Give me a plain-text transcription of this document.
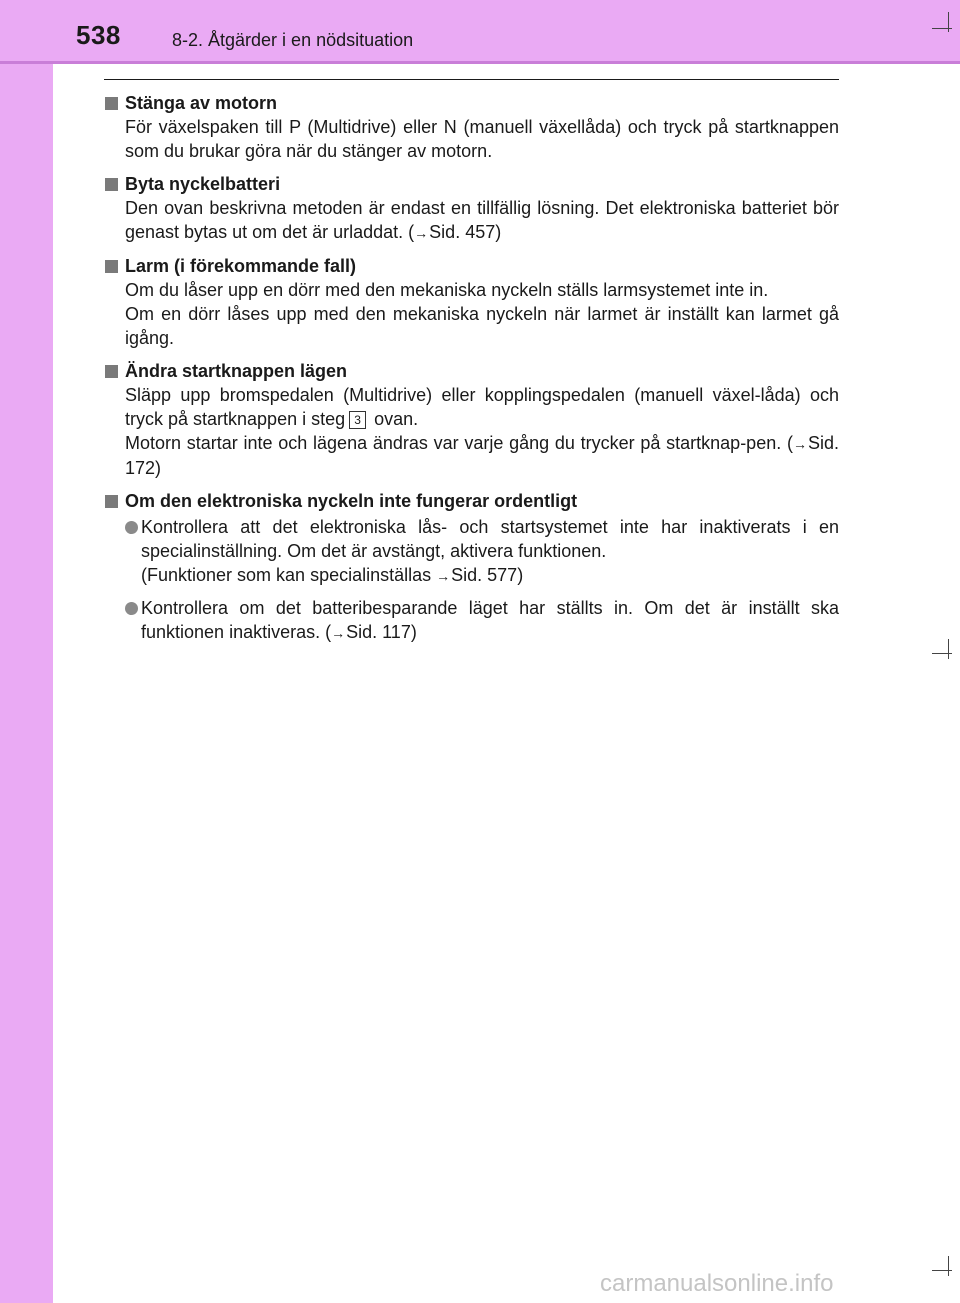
538	8-2. Åtgärder i en nödsituation
Stänga av motorn
För växelspaken till P (Multidrive) eller N (manuell växellåda) och tryck på startknappen som du brukar göra när du stänger av motorn.
Byta nyckelbatteri
Den ovan beskrivna metoden är endast en tillfällig lösning. Det elektroniska batteriet bör genast bytas ut om det är urladdat. (→Sid. 457)
Larm (i förekommande fall)
Om du låser upp en dörr med den mekaniska nyckeln ställs larmsystemet inte in.
Om en dörr låses upp med den mekaniska nyckeln när larmet är inställt kan larmet gå igång.
Ändra startknappen lägen
Släpp upp bromspedalen (Multidrive) eller kopplingspedalen (manuell växel-låda) och tryck på startknappen i steg 3 ovan.
Motorn startar inte och lägena ändras var varje gång du trycker på startknap-pen. (→Sid. 172)
Om den elektroniska nyckeln inte fungerar ordentligt
Kontrollera att det elektroniska lås- och startsystemet inte har inaktiverats i en specialinställning. Om det är avstängt, aktivera funktionen.
(Funktioner som kan specialinställas →Sid. 577)
Kontrollera om det batteribesparande läget har ställts in. Om det är inställt ska funktionen inaktiveras. (→Sid. 117)
carmanualsonline.info
